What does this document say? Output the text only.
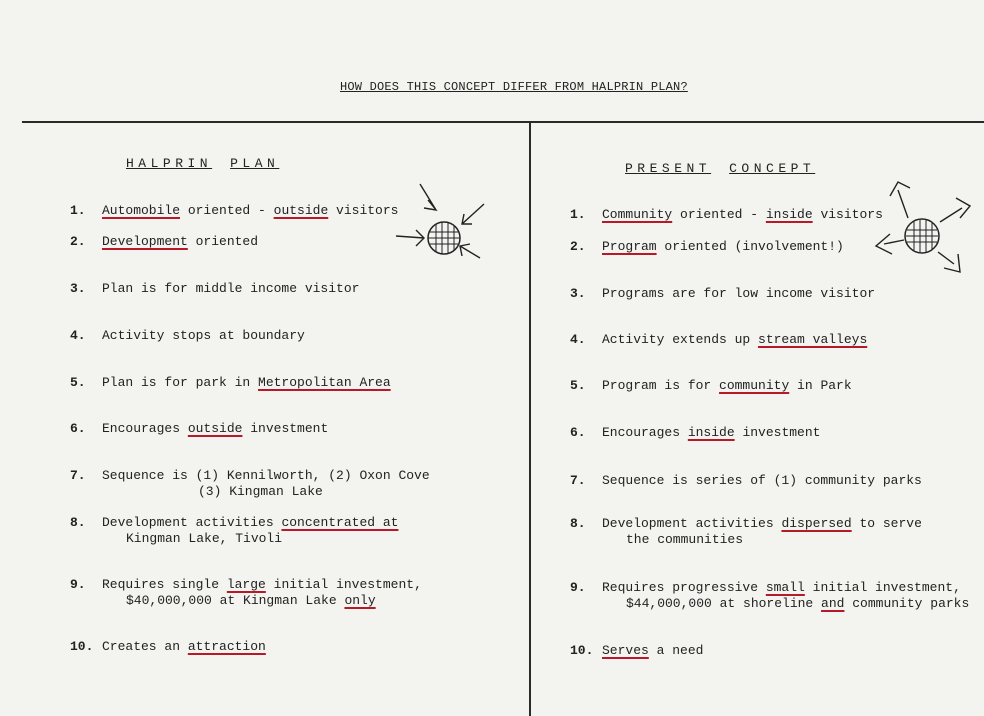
HOW DOES THIS CONCEPT DIFFER FROM HALPRIN PLAN?
HALPRIN PLAN	PRESENT CONCEPT
1.	Automobile oriented - outside visitors
2.	Development oriented
3.	Plan is for middle income visitor
4.	Activity stops at boundary
5.	Plan is for park in Metropolitan Area
6.	Encourages outside investment
7.	Sequence is (1) Kennilworth, (2) Oxon Cove
(3) Kingman Lake
8.	Development activities concentrated at
Kingman Lake, Tivoli
9.	Requires single large initial investment,
$40,000,000 at Kingman Lake only
10. Creates an attraction
1.	Community oriented - inside visitors
2.	Program oriented (involvement!)
3.	Programs are for low income visitor
4.	Activity extends up stream valleys
5.	Program is for community in Park
6.	Encourages inside investment
7.	Sequence is series of (1) community parks
8.	Development activities dispersed to serve
the communities
9.	Requires progressive small initial investment,
$44,000,000 at shoreline and community parks
10. Serves a need
